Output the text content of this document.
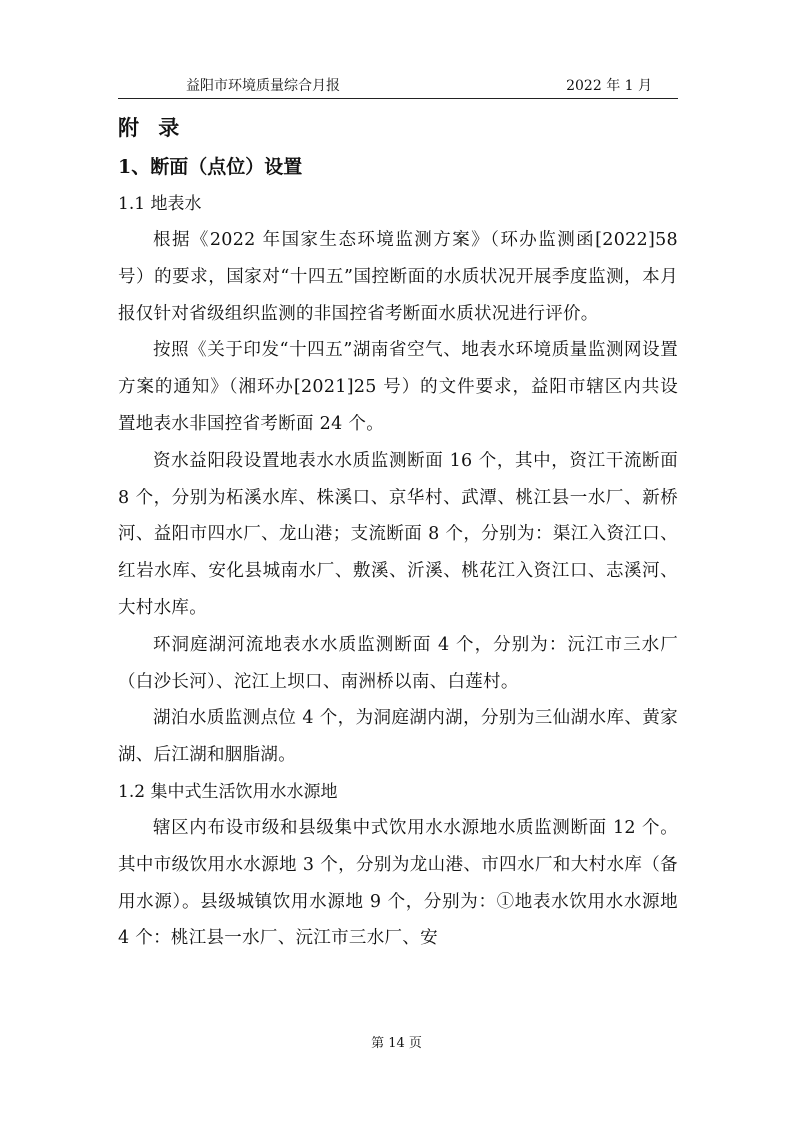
益阳市环境质量综合月报	2022 年 1 月
附 录
1、断面（点位）设置
1.1 地表水

根据《2022 年国家生态环境监测方案》（环办监测函[2022]58 号）的要求，国家对“十四五”国控断面的水质状况开展季度监测，本月报仅针对省级组织监测的非国控省考断面水质状况进行评价。

按照《关于印发“十四五”湖南省空气、地表水环境质量监测网设置方案的通知》（湘环办[2021]25 号）的文件要求，益阳市辖区内共设置地表水非国控省考断面 24 个。

资水益阳段设置地表水水质监测断面 16 个，其中，资江干流断面 8 个，分别为柘溪水库、株溪口、京华村、武潭、桃江县一水厂、新桥河、益阳市四水厂、龙山港；支流断面 8 个，分别为：渠江入资江口、红岩水库、安化县城南水厂、敷溪、沂溪、桃花江入资江口、志溪河、大村水库。

环洞庭湖河流地表水水质监测断面 4 个，分别为：沅江市三水厂（白沙长河）、沱江上坝口、南洲桥以南、白莲村。

湖泊水质监测点位 4 个，为洞庭湖内湖，分别为三仙湖水库、黄家湖、后江湖和胭脂湖。

1.2 集中式生活饮用水水源地

辖区内布设市级和县级集中式饮用水水源地水质监测断面 12 个。其中市级饮用水水源地 3 个，分别为龙山港、市四水厂和大村水库（备用水源）。县级城镇饮用水源地 9 个，分别为：①地表水饮用水水源地 4 个：桃江县一水厂、沅江市三水厂、安

第 14 页
